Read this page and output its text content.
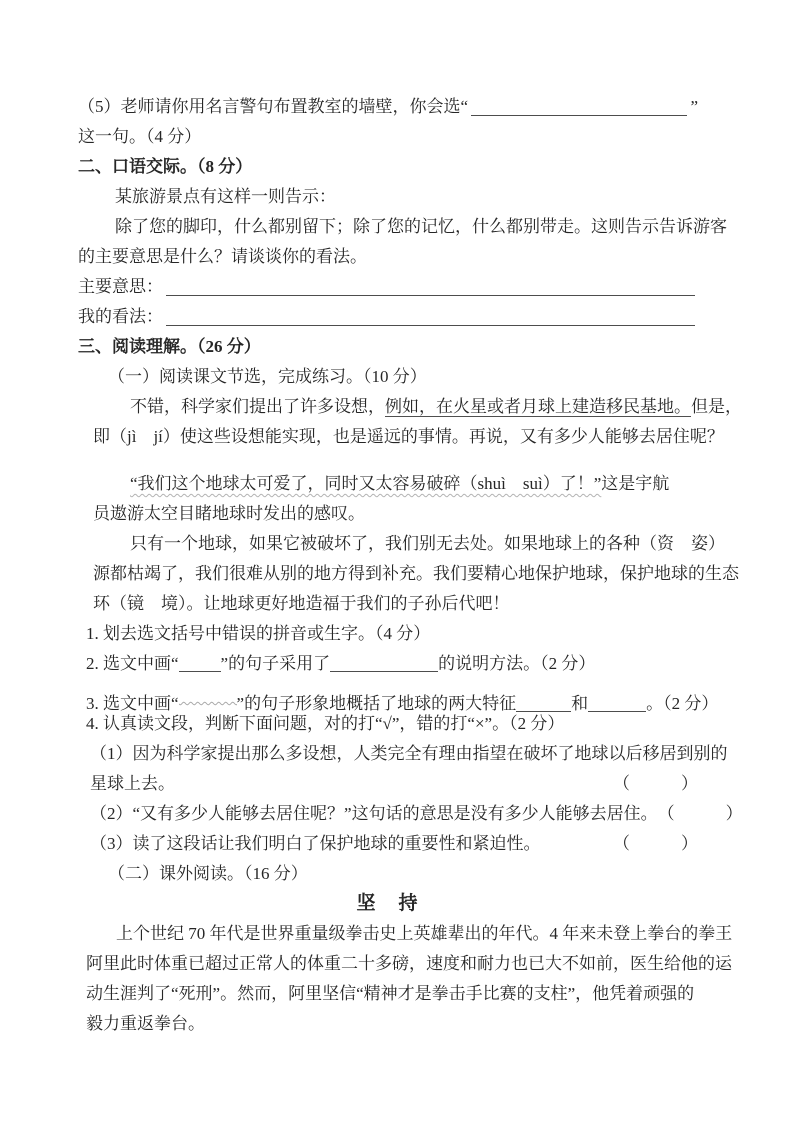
（5）老师请你用名言警句布置教室的墙壁，你会选“	”
这一句。（4 分）
二、口语交际。（8 分）
某旅游景点有这样一则告示：
除了您的脚印，什么都别留下；除了您的记忆，什么都别带走。这则告示告诉游客
的主要意思是什么？请谈谈你的看法。
主要意思：
我的看法：
三、阅读理解。（26 分）
（一）阅读课文节选，完成练习。（10 分）
不错，科学家们提出了许多设想，例如，在火星或者月球上建造移民基地。但是，
即（jì　jí）使这些设想能实现，也是遥远的事情。再说，又有多少人能够去居住呢？
“我们这个地球太可爱了，同时又太容易破碎（shuì　suì）了！”这是宇航
员遨游太空目睹地球时发出的感叹。
只有一个地球，如果它被破坏了，我们别无去处。如果地球上的各种（资　姿）
源都枯竭了，我们很难从别的地方得到补充。我们要精心地保护地球，保护地球的生态
环（镜　境）。让地球更好地造福于我们的子孙后代吧！
1. 划去选文括号中错误的拼音或生字。（4 分）
2. 选文中画“ ”的句子采用了	的说明方法。（2 分）
3. 选文中画“	”的句子形象地概括了地球的两大特征	和	。（2 分）
4. 认真读文段，判断下面问题，对的打“√”，错的打“×”。（2 分）
（1）因为科学家提出那么多设想，人类完全有理由指望在破坏了地球以后移居到别的
星球上去。	（　　　）
（2）“又有多少人能够去居住呢？”这句话的意思是没有多少人能够去居住。 （　　　）
（3）读了这段话让我们明白了保护地球的重要性和紧迫性。	（　　　）
（二）课外阅读。（16 分）
坚　持
上个世纪 70 年代是世界重量级拳击史上英雄辈出的年代。4 年来未登上拳台的拳王
阿里此时体重已超过正常人的体重二十多磅，速度和耐力也已大不如前，医生给他的运
动生涯判了“死刑”。然而，阿里坚信“精神才是拳击手比赛的支柱”，他凭着顽强的
毅力重返拳台。
